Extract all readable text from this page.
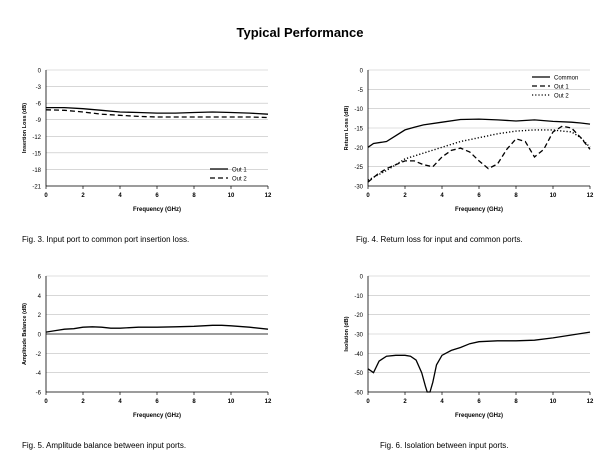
Typical Performance
0
-3
-6
-9
-12
-15
-18
-21
0	2	4	6	8	10	12
Frequency (GHz)
Insertion Loss (dB)
Out 1
Out 2
0
-5
-10
-15
-20
-25
-30
0	2	4	6	8	10	12
Frequency (GHz)
Return Loss (dB)
Common
Out 1
Out 2
6
4
2
0
-2
-4
-6
0	2	4	6	8	10	12
Frequency (GHz)
Amplitude Balance (dB)
0
-10
-20
-30
-40
-50
-60
0	2	4	6	8	10	12
Frequency (GHz)
Isolation (dB)
Fig. 3. Input port to common port insertion loss.	Fig. 4. Return loss for input and common ports.
Fig. 5. Amplitude balance between input ports.	Fig. 6. Isolation between input ports.
